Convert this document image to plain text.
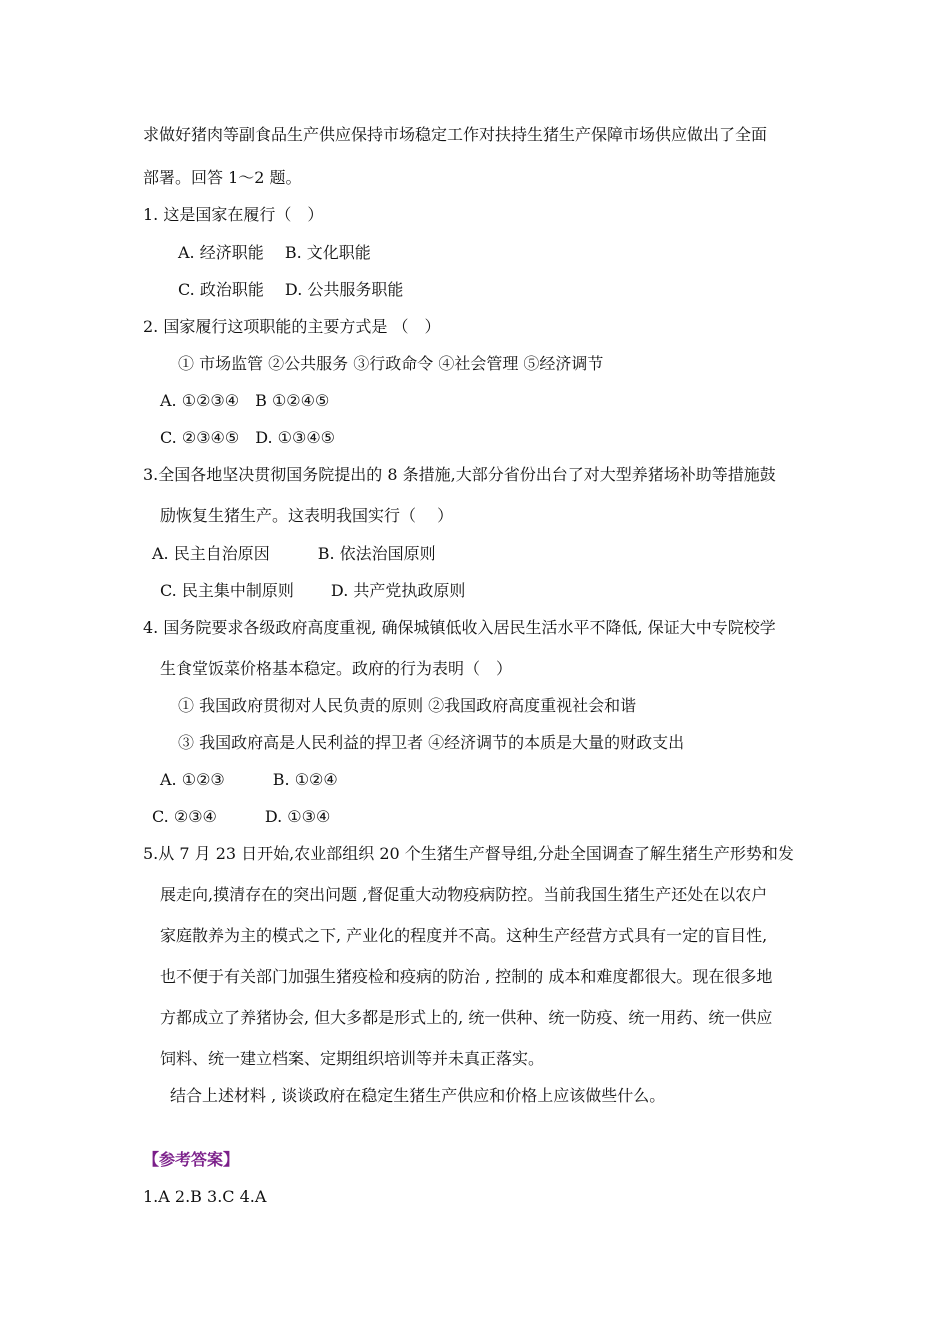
求做好猪肉等副食品生产供应保持市场稳定工作对扶持生猪生产保障市场供应做出了全面
部署。回答 1～2 题。
1. 这是国家在履行（　）
A. 经济职能　 B. 文化职能
C. 政治职能　 D. 公共服务职能
2. 国家履行这项职能的主要方式是 （　）
① 市场监管 ②公共服务 ③行政命令 ④社会管理 ⑤经济调节
A. ①②③④　B ①②④⑤
C. ②③④⑤　D. ①③④⑤
3.全国各地坚决贯彻国务院提出的 8 条措施,大部分省份出台了对大型养猪场补助等措施鼓
励恢复生猪生产。这表明我国实行（　 ）
A. 民主自治原因　　　B. 依法治国原则
C. 民主集中制原则　　 D. 共产党执政原则
4. 国务院要求各级政府高度重视, 确保城镇低收入居民生活水平不降低, 保证大中专院校学
生食堂饭菜价格基本稳定。政府的行为表明（　）
① 我国政府贯彻对人民负责的原则 ②我国政府高度重视社会和谐
③ 我国政府高是人民利益的捍卫者 ④经济调节的本质是大量的财政支出
A. ①②③　　　B. ①②④
C. ②③④　　　D. ①③④
5.从 7 月 23 日开始,农业部组织 20 个生猪生产督导组,分赴全国调查了解生猪生产形势和发
展走向,摸清存在的突出问题 ,督促重大动物疫病防控。当前我国生猪生产还处在以农户
家庭散养为主的模式之下, 产业化的程度并不高。这种生产经营方式具有一定的盲目性,
也不便于有关部门加强生猪疫检和疫病的防治 , 控制的 成本和难度都很大。现在很多地
方都成立了养猪协会, 但大多都是形式上的, 统一供种、统一防疫、统一用药、统一供应
饲料、统一建立档案、定期组织培训等并未真正落实。
结合上述材料 , 谈谈政府在稳定生猪生产供应和价格上应该做些什么。
【参考答案】
1.A 2.B 3.C 4.A
